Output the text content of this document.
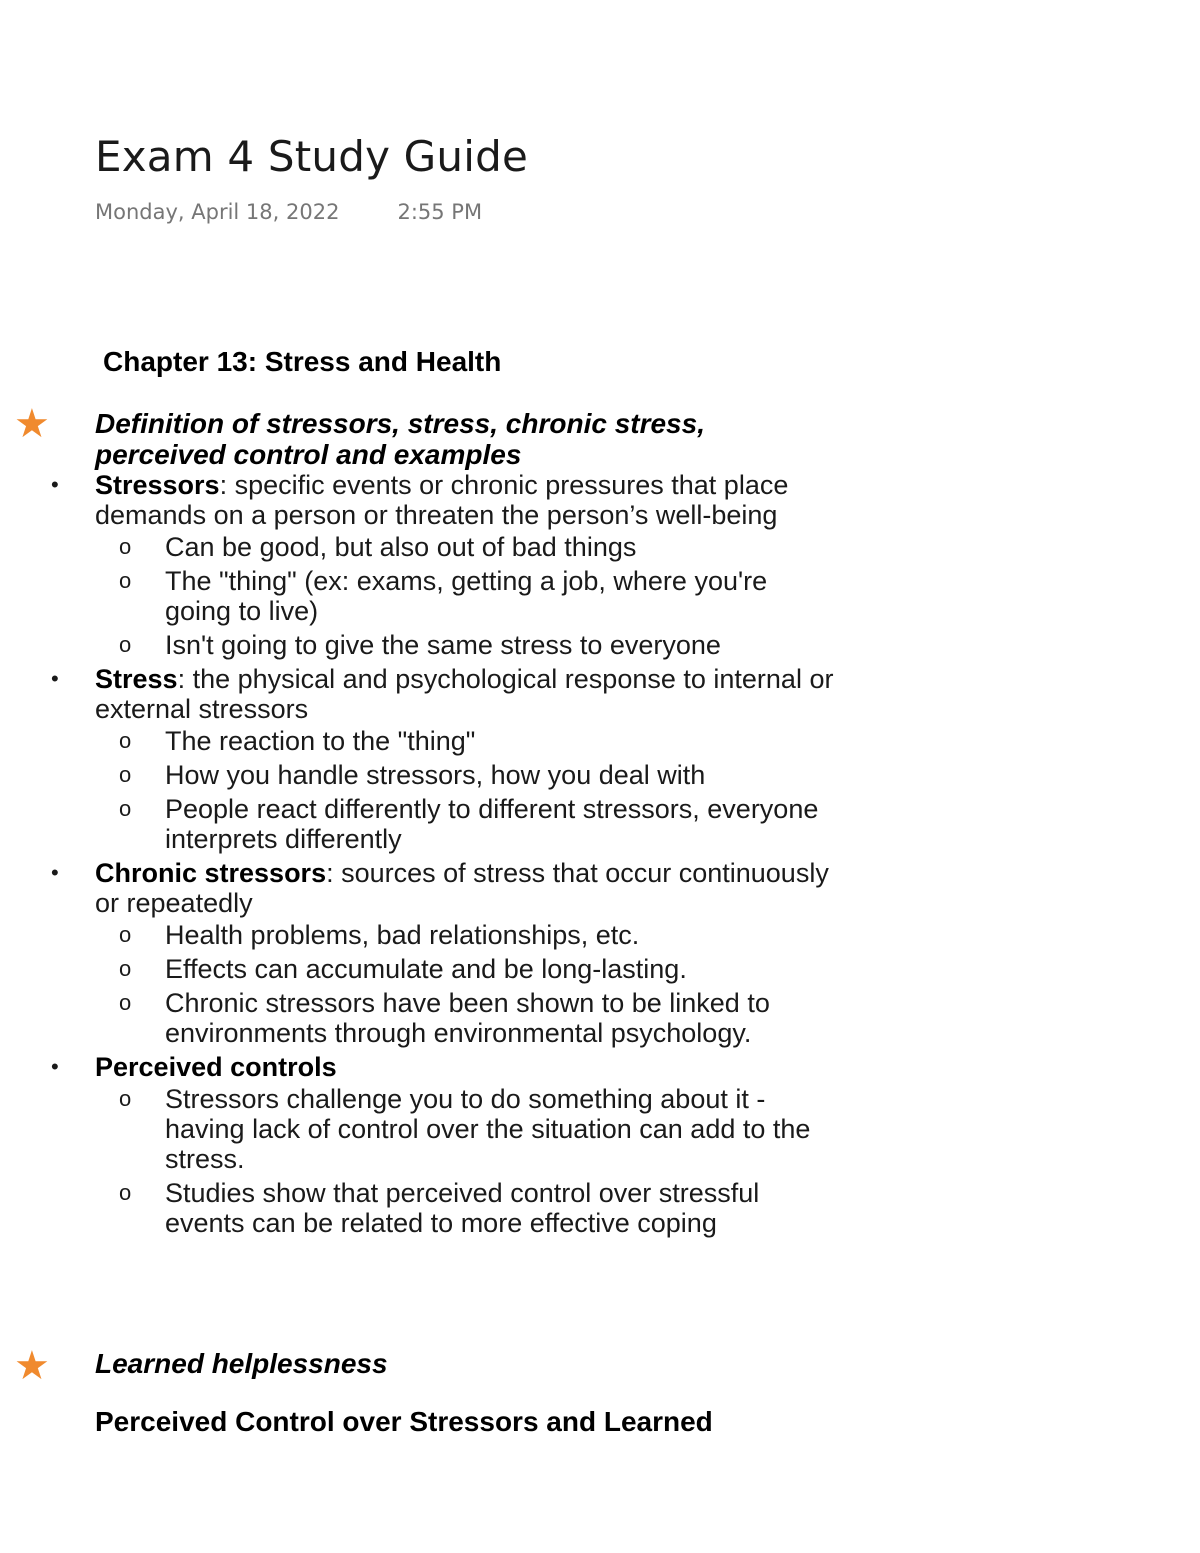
Exam 4 Study Guide
Monday, April 18, 2022	2:55 PM
Chapter 13: Stress and Health
★ Definition of stressors, stress, chronic stress, perceived control and examples

• Stressors: specific events or chronic pressures that place demands on a person or threaten the person’s well-being
o Can be good, but also out of bad things
o The "thing" (ex: exams, getting a job, where you're going to live)
o Isn't going to give the same stress to everyone
• Stress: the physical and psychological response to internal or external stressors
o The reaction to the "thing"
o How you handle stressors, how you deal with
o People react differently to different stressors, everyone interprets differently
• Chronic stressors: sources of stress that occur continuously or repeatedly
o Health problems, bad relationships, etc.
o Effects can accumulate and be long-lasting.
o Chronic stressors have been shown to be linked to environments through environmental psychology.
• Perceived controls
o Stressors challenge you to do something about it - having lack of control over the situation can add to the stress.
o Studies show that perceived control over stressful events can be related to more effective coping
★ Learned helplessness

Perceived Control over Stressors and Learned
